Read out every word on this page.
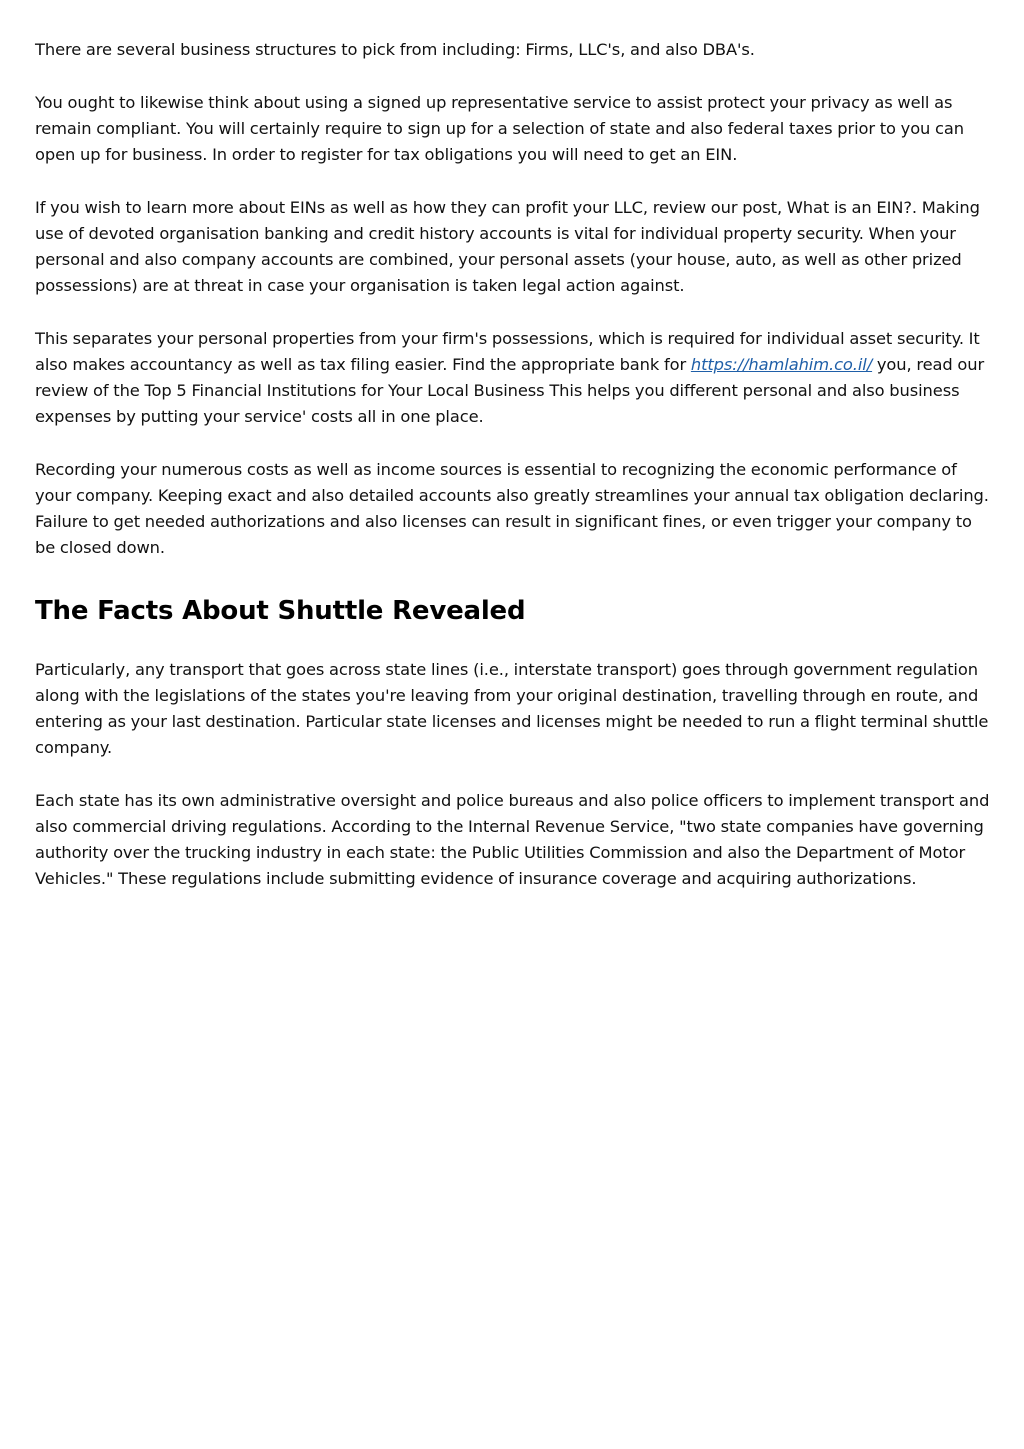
There are several business structures to pick from including: Firms, LLC's, and also DBA's.

You ought to likewise think about using a signed up representative service to assist protect your privacy as well as remain compliant. You will certainly require to sign up for a selection of state and also federal taxes prior to you can open up for business. In order to register for tax obligations you will need to get an EIN.

If you wish to learn more about EINs as well as how they can profit your LLC, review our post, What is an EIN?. Making use of devoted organisation banking and credit history accounts is vital for individual property security. When your personal and also company accounts are combined, your personal assets (your house, auto, as well as other prized possessions) are at threat in case your organisation is taken legal action against.

This separates your personal properties from your firm's possessions, which is required for individual asset security. It also makes accountancy as well as tax filing easier. Find the appropriate bank for https://hamlahim.co.il/ you, read our review of the Top 5 Financial Institutions for Your Local Business This helps you different personal and also business expenses by putting your service' costs all in one place.

Recording your numerous costs as well as income sources is essential to recognizing the economic performance of your company. Keeping exact and also detailed accounts also greatly streamlines your annual tax obligation declaring. Failure to get needed authorizations and also licenses can result in significant fines, or even trigger your company to be closed down.

The Facts About Shuttle Revealed

Particularly, any transport that goes across state lines (i.e., interstate transport) goes through government regulation along with the legislations of the states you're leaving from your original destination, travelling through en route, and entering as your last destination. Particular state licenses and licenses might be needed to run a flight terminal shuttle company.

Each state has its own administrative oversight and police bureaus and also police officers to implement transport and also commercial driving regulations. According to the Internal Revenue Service, "two state companies have governing authority over the trucking industry in each state: the Public Utilities Commission and also the Department of Motor Vehicles." These regulations include submitting evidence of insurance coverage and acquiring authorizations.
